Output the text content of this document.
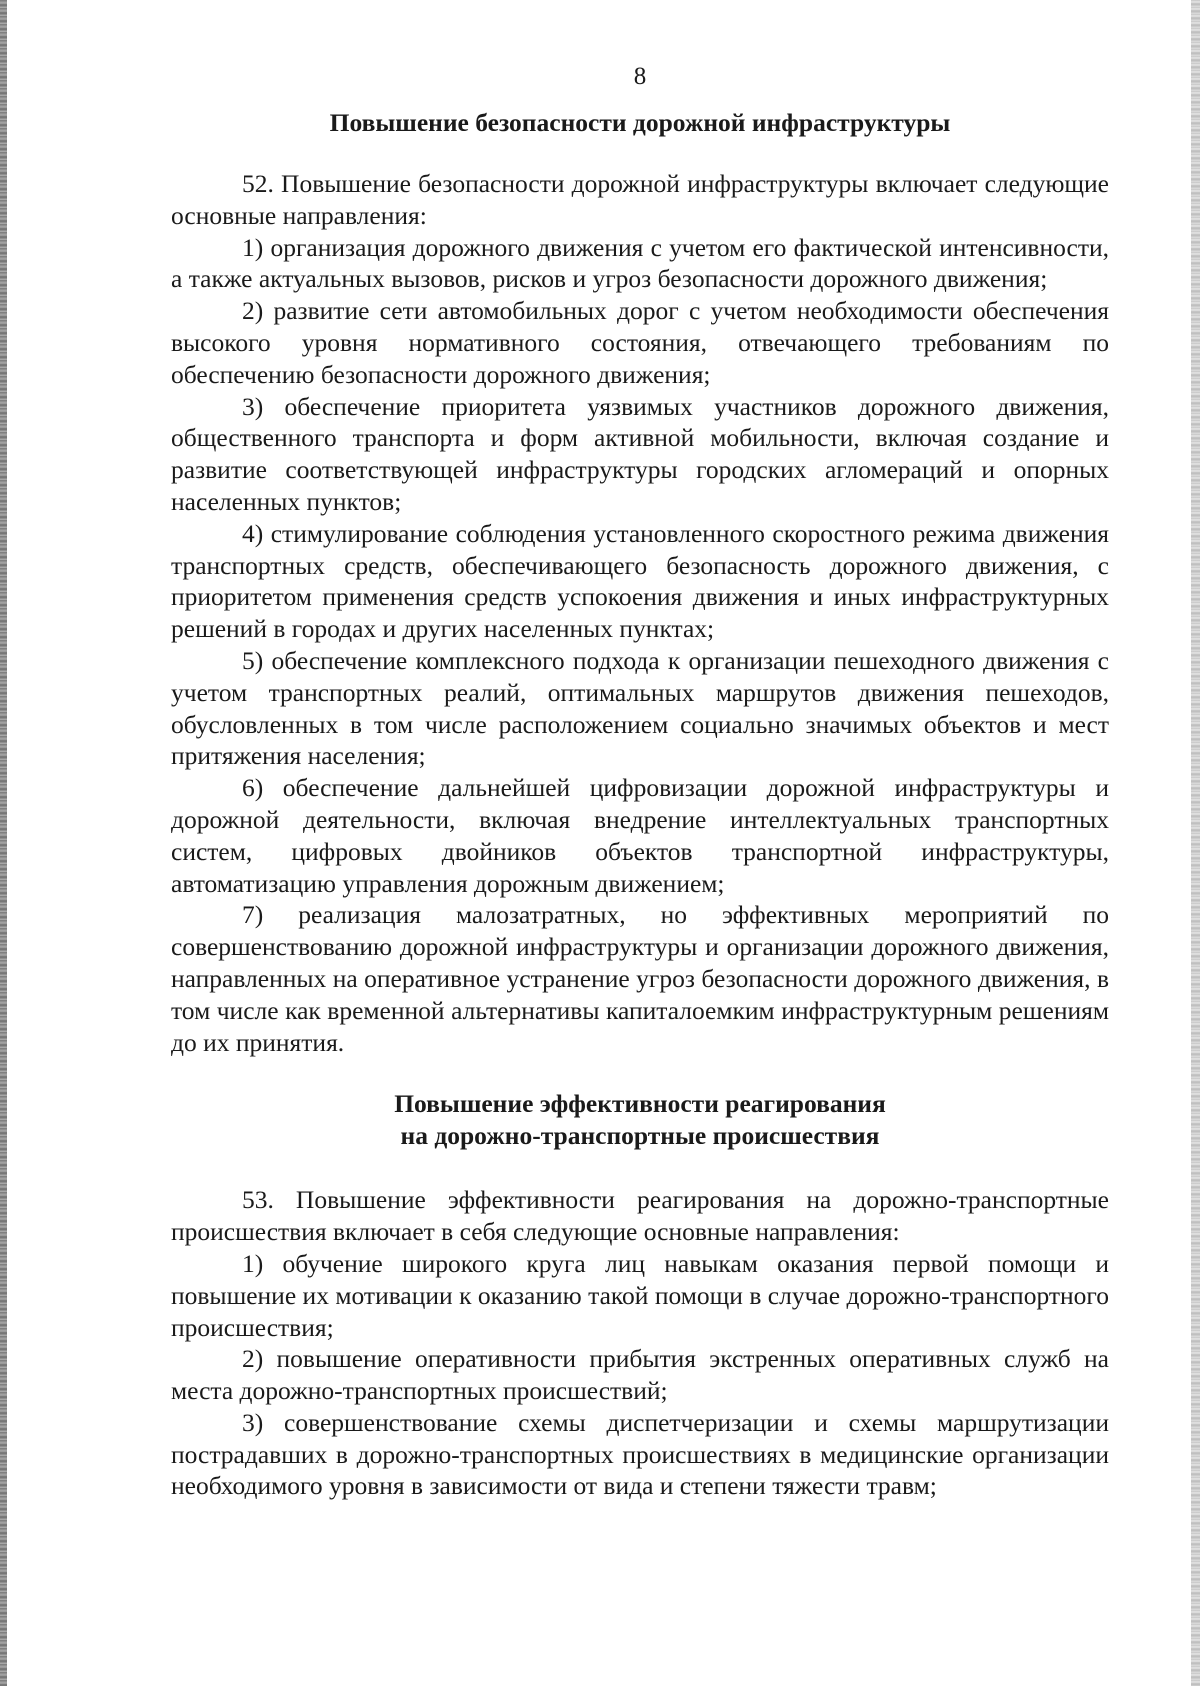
8
Повышение безопасности дорожной инфраструктуры

52. Повышение безопасности дорожной инфраструктуры включает следующие основные направления:

1) организация дорожного движения с учетом его фактической интенсивности, а также актуальных вызовов, рисков и угроз безопасности дорожного движения;

2) развитие сети автомобильных дорог с учетом необходимости обеспечения высокого уровня нормативного состояния, отвечающего требованиям по обеспечению безопасности дорожного движения;

3) обеспечение приоритета уязвимых участников дорожного движения, общественного транспорта и форм активной мобильности, включая создание и развитие соответствующей инфраструктуры городских агломераций и опорных населенных пунктов;

4) стимулирование соблюдения установленного скоростного режима движения транспортных средств, обеспечивающего безопасность дорожного движения, с приоритетом применения средств успокоения движения и иных инфраструктурных решений в городах и других населенных пунктах;

5) обеспечение комплексного подхода к организации пешеходного движения с учетом транспортных реалий, оптимальных маршрутов движения пешеходов, обусловленных в том числе расположением социально значимых объектов и мест притяжения населения;

6) обеспечение дальнейшей цифровизации дорожной инфраструктуры и дорожной деятельности, включая внедрение интеллектуальных транспортных систем, цифровых двойников объектов транспортной инфраструктуры, автоматизацию управления дорожным движением;

7) реализация малозатратных, но эффективных мероприятий по совершенствованию дорожной инфраструктуры и организации дорожного движения, направленных на оперативное устранение угроз безопасности дорожного движения, в том числе как временной альтернативы капиталоемким инфраструктурным решениям до их принятия.

Повышение эффективности реагирования
на дорожно-транспортные происшествия

53. Повышение эффективности реагирования на дорожно-транспортные происшествия включает в себя следующие основные направления:

1) обучение широкого круга лиц навыкам оказания первой помощи и повышение их мотивации к оказанию такой помощи в случае дорожно-транспортного происшествия;

2) повышение оперативности прибытия экстренных оперативных служб на места дорожно-транспортных происшествий;

3) совершенствование схемы диспетчеризации и схемы маршрутизации пострадавших в дорожно-транспортных происшествиях в медицинские организации необходимого уровня в зависимости от вида и степени тяжести травм;
